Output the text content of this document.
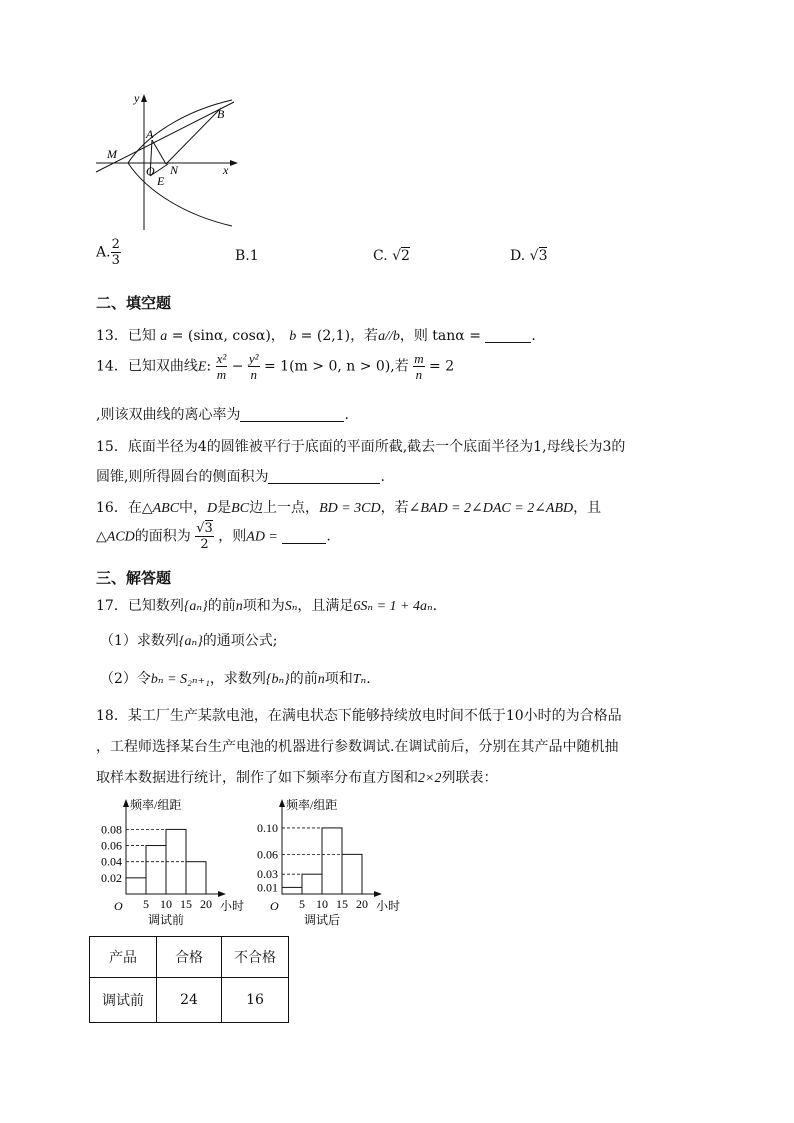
y
x
M
A
B
O N
E
A. $\frac{2}{3}$	B.1	C. √2	D. √3
二、填空题
13．已知 a = (sinα, cosα)， b = (2,1)，若a//b，则 tanα =	.
14．已知双曲线E: $\frac{\text{x²}}{m} - \frac{\text{y²}}{n} = 1(m > 0$, n > 0),若 $\frac{m}{n} = 2$
,则该双曲线的离心率为	.
15．底面半径为4的圆锥被平行于底面的平面所截,截去一个底面半径为1,母线长为3的
圆锥,则所得圆台的侧面积为	.
16．在△ABC中，D是BC边上一点，BD = 3CD，若∠BAD = 2∠DAC = 2∠ABD，且
△ACD的面积为 $\frac{√3}{2}$ ，则AD =	.
三、解答题
17．已知数列{aₙ}的前n项和为Sₙ，且满足6Sₙ = 1 + 4aₙ.
（1）求数列{aₙ}的通项公式;
（2）令bₙ = S₂ₙ₊₁，求数列{bₙ}的前n项和Tₙ.
18．某工厂生产某款电池，在满电状态下能够持续放电时间不低于10小时的为合格品
，工程师选择某台生产电池的机器进行参数调试.在调试前后，分别在其产品中随机抽
取样本数据进行统计，制作了如下频率分布直方图和2×2列联表：
频率/组距
O
0.02
0.04
0.06
0.08
5 10 15 20 小时
调试前
频率/组距
O
0.01
0.03
0.06
0.10
5 10 15 20 小时
调试后
产品	合格	不合格
调试前	24	16
